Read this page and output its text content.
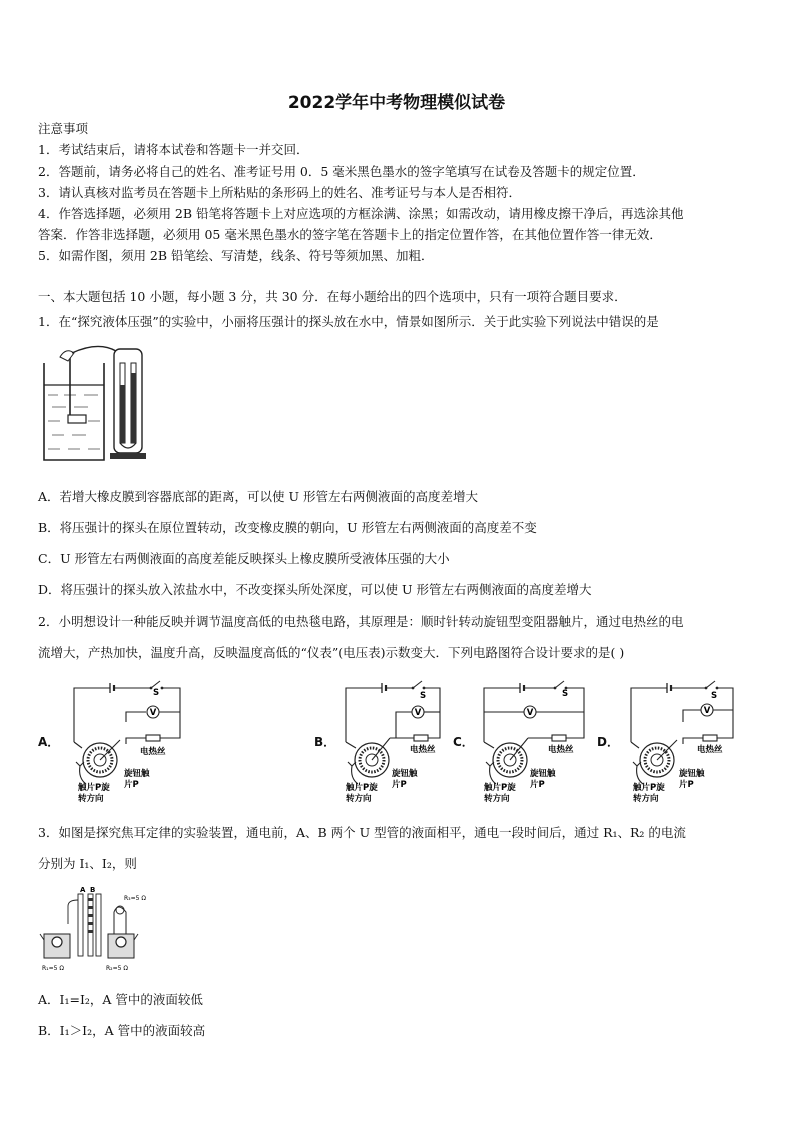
2022学年中考物理模似试卷
注意事项
1．考试结束后，请将本试卷和答题卡一并交回．
2．答题前，请务必将自己的姓名、准考证号用 0．5 毫米黑色墨水的签字笔填写在试卷及答题卡的规定位置．
3．请认真核对监考员在答题卡上所粘贴的条形码上的姓名、准考证号与本人是否相符．
4．作答选择题，必须用 2B 铅笔将答题卡上对应选项的方框涂满、涂黑；如需改动，请用橡皮擦干净后，再选涂其他
答案．作答非选择题，必须用 05 毫米黑色墨水的签字笔在答题卡上的指定位置作答，在其他位置作答一律无效．
5．如需作图，须用 2B 铅笔绘、写清楚，线条、符号等须加黑、加粗．
一、本大题包括 10 小题，每小题 3 分，共 30 分．在每小题给出的四个选项中，只有一项符合题目要求．
1．在“探究液体压强”的实验中，小丽将压强计的探头放在水中，情景如图所示．关于此实验下列说法中错误的是
A．若增大橡皮膜到容器底部的距离，可以使 U 形管左右两侧液面的高度差增大
B．将压强计的探头在原位置转动，改变橡皮膜的朝向，U 形管左右两侧液面的高度差不变
C．U 形管左右两侧液面的高度差能反映探头上橡皮膜所受液体压强的大小
D．将压强计的探头放入浓盐水中，不改变探头所处深度，可以使 U 形管左右两侧液面的高度差增大
2．小明想设计一种能反映并调节温度高低的电热毯电路，其原理是：顺时针转动旋钮型变阻器触片，通过电热丝的电
流增大，产热加快，温度升高，反映温度高低的“仪表”(电压表)示数变大．下列电路图符合设计要求的是( )
A．	B．	C．	D．
V
S
电热丝
旋钮触
片P
触片P旋
转方向
V
S
电热丝
旋钮触
片P
触片P旋
转方向
V
S
电热丝
旋钮触
片P
触片P旋
转方向
V
S
电热丝
旋钮触
片P
触片P旋
转方向
3．如图是探究焦耳定律的实验装置，通电前，A、B 两个 U 型管的液面相平，通电一段时间后，通过 R₁、R₂ 的电流
分别为 I₁、I₂，则
A B
R₃=5 Ω
R₁=5 Ω	R₂=5 Ω
A．I₁=I₂，A 管中的液面较低
B．I₁＞I₂，A 管中的液面较高
